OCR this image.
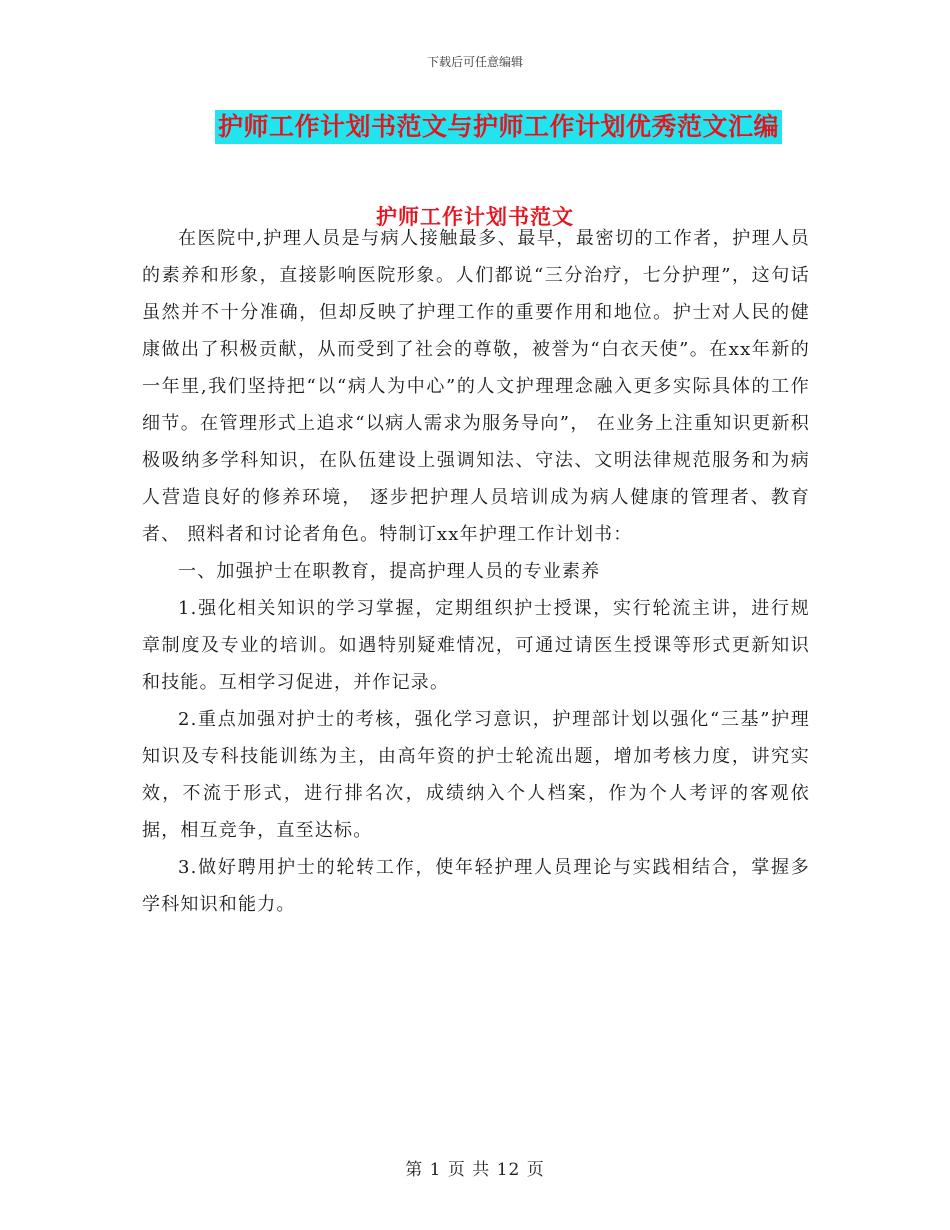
下载后可任意编辑
护师工作计划书范文与护师工作计划优秀范文汇编
护师工作计划书范文

在医院中,护理人员是与病人接触最多、最早，最密切的工作者，护理人员的素养和形象，直接影响医院形象。人们都说“三分治疗，七分护理”，这句话虽然并不十分准确，但却反映了护理工作的重要作用和地位。护士对人民的健康做出了积极贡献，从而受到了社会的尊敬，被誉为“白衣天使”。在xx年新的一年里,我们坚持把“以“病人为中心”的人文护理理念融入更多实际具体的工作细节。在管理形式上追求“以病人需求为服务导向”， 在业务上注重知识更新积极吸纳多学科知识，在队伍建设上强调知法、守法、文明法律规范服务和为病人营造良好的修养环境， 逐步把护理人员培训成为病人健康的管理者、教育者、 照料者和讨论者角色。特制订xx年护理工作计划书：

一、加强护士在职教育，提高护理人员的专业素养

1.强化相关知识的学习掌握，定期组织护士授课，实行轮流主讲，进行规章制度及专业的培训。如遇特别疑难情况，可通过请医生授课等形式更新知识和技能。互相学习促进，并作记录。

2.重点加强对护士的考核，强化学习意识，护理部计划以强化“三基”护理知识及专科技能训练为主，由高年资的护士轮流出题，增加考核力度，讲究实效，不流于形式，进行排名次，成绩纳入个人档案，作为个人考评的客观依据，相互竞争，直至达标。

3.做好聘用护士的轮转工作，使年轻护理人员理论与实践相结合，掌握多学科知识和能力。

第 1 页 共 12 页
